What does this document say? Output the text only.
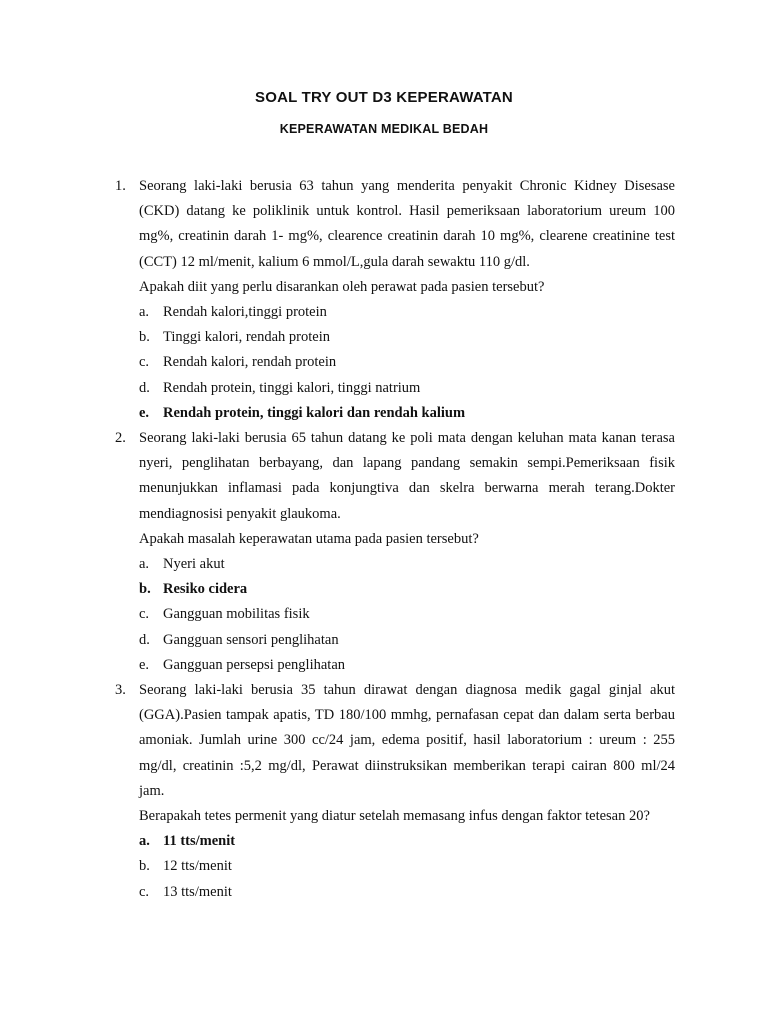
SOAL TRY OUT D3 KEPERAWATAN
KEPERAWATAN MEDIKAL BEDAH
1. Seorang laki-laki berusia 63 tahun yang menderita penyakit Chronic Kidney Disesase (CKD) datang ke poliklinik untuk kontrol. Hasil pemeriksaan laboratorium ureum 100 mg%, creatinin darah 1- mg%, clearence creatinin darah 10 mg%, clearene creatinine test (CCT) 12 ml/menit, kalium 6 mmol/L,gula darah sewaktu 110 g/dl.
Apakah diit yang perlu disarankan oleh perawat pada pasien tersebut?
a. Rendah kalori,tinggi protein
b. Tinggi kalori, rendah protein
c. Rendah kalori, rendah protein
d. Rendah protein, tinggi kalori, tinggi natrium
e. Rendah protein, tinggi kalori dan rendah kalium
2. Seorang laki-laki berusia 65 tahun datang ke poli mata dengan keluhan mata kanan terasa nyeri, penglihatan berbayang, dan lapang pandang semakin sempi.Pemeriksaan fisik menunjukkan inflamasi pada konjungtiva dan skelra berwarna merah terang.Dokter mendiagnosisi penyakit glaukoma.
Apakah masalah keperawatan utama pada pasien tersebut?
a. Nyeri akut
b. Resiko cidera
c. Gangguan mobilitas fisik
d. Gangguan sensori penglihatan
e. Gangguan persepsi penglihatan
3. Seorang laki-laki berusia 35 tahun dirawat dengan diagnosa medik gagal ginjal akut (GGA).Pasien tampak apatis, TD 180/100 mmhg, pernafasan cepat dan dalam serta berbau amoniak. Jumlah urine 300 cc/24 jam, edema positif, hasil laboratorium : ureum : 255 mg/dl, creatinin :5,2 mg/dl, Perawat diinstruksikan memberikan terapi cairan 800 ml/24 jam.
Berapakah tetes permenit yang diatur setelah memasang infus dengan faktor tetesan 20?
a. 11 tts/menit
b. 12 tts/menit
c. 13 tts/menit
